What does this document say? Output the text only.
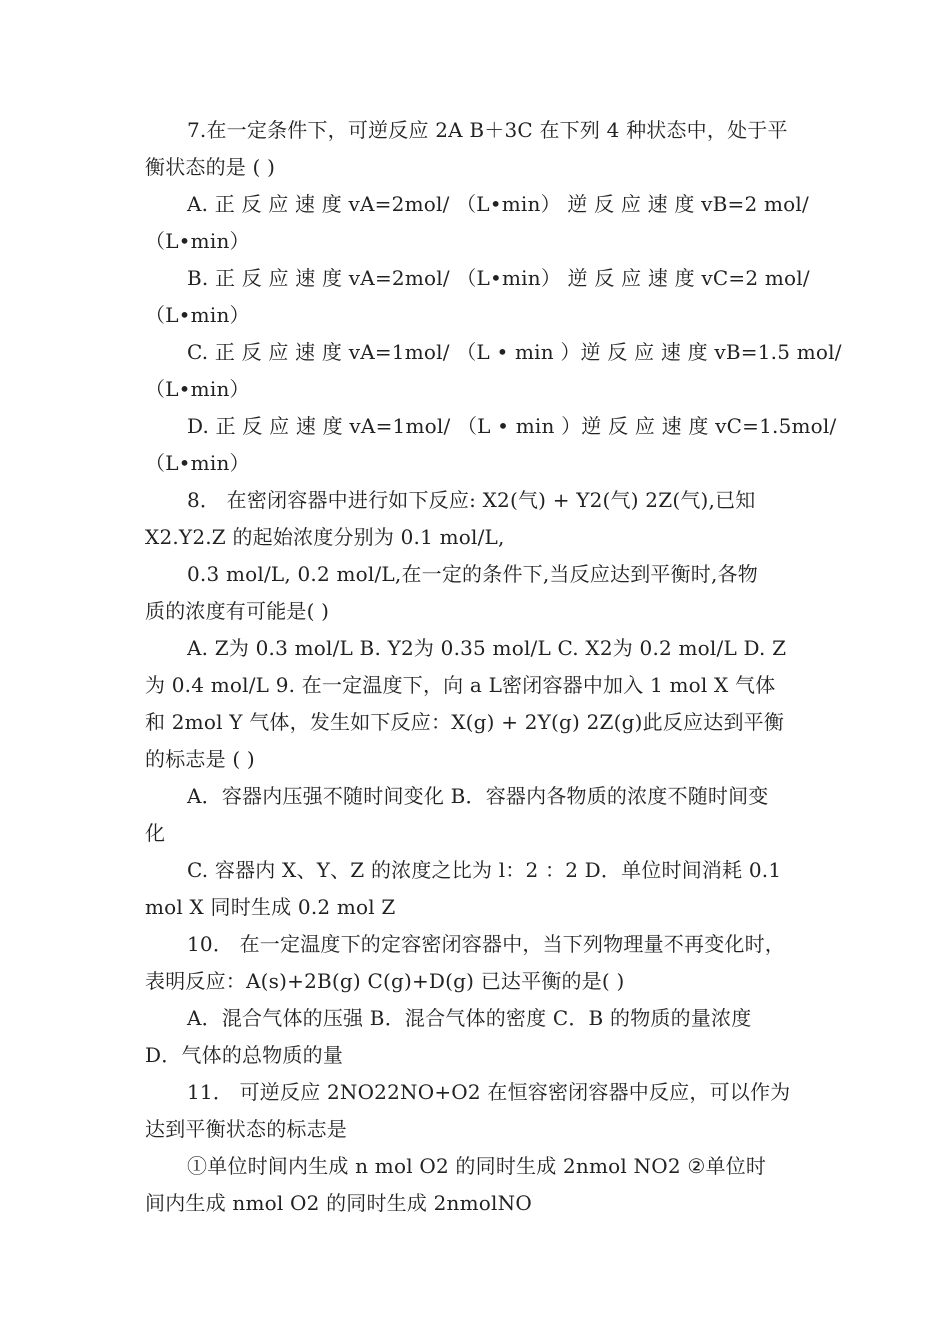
7.在一定条件下，可逆反应 2A B＋3C 在下列 4 种状态中，处于平
衡状态的是 ( )
A. 正 反 应 速 度 vA=2mol/ （L•min） 逆 反 应 速 度 vB=2 mol/
（L•min）
B. 正 反 应 速 度 vA=2mol/ （L•min） 逆 反 应 速 度 vC=2 mol/
（L•min）
C. 正 反 应 速 度 vA=1mol/ （L • min ）逆 反 应 速 度 vB=1.5 mol/
（L•min）
D. 正 反 应 速 度 vA=1mol/ （L • min ）逆 反 应 速 度 vC=1.5mol/
（L•min）
8． 在密闭容器中进行如下反应: X2(气) + Y2(气) 2Z(气),已知
X2.Y2.Z 的起始浓度分别为 0.1 mol/L,
0.3 mol/L, 0.2 mol/L,在一定的条件下,当反应达到平衡时,各物
质的浓度有可能是( )
A. Z为 0.3 mol/L B. Y2为 0.35 mol/L C. X2为 0.2 mol/L D. Z
为 0.4 mol/L 9. 在一定温度下，向 a L密闭容器中加入 1 mol X 气体
和 2mol Y 气体，发生如下反应：X(g) + 2Y(g) 2Z(g)此反应达到平衡
的标志是 ( )
A．容器内压强不随时间变化 B．容器内各物质的浓度不随时间变
化
C. 容器内 X、Y、Z 的浓度之比为 l：2 ：2 D．单位时间消耗 0.1
mol X 同时生成 0.2 mol Z
10． 在一定温度下的定容密闭容器中，当下列物理量不再变化时，
表明反应：A(s)+2B(g) C(g)+D(g) 已达平衡的是( )
A．混合气体的压强 B．混合气体的密度 C．B 的物质的量浓度
D．气体的总物质的量
11． 可逆反应 2NO22NO+O2 在恒容密闭容器中反应，可以作为
达到平衡状态的标志是
①单位时间内生成 n mol O2 的同时生成 2nmol NO2 ②单位时
间内生成 nmol O2 的同时生成 2nmolNO
